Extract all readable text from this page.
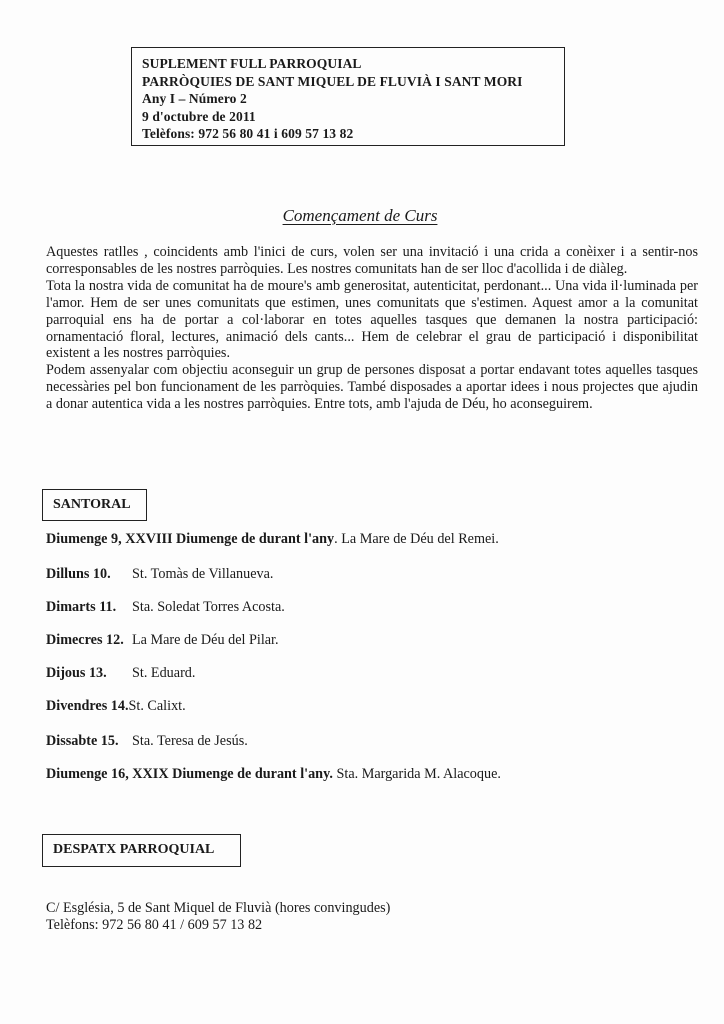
SUPLEMENT FULL PARROQUIAL
PARRÒQUIES DE SANT MIQUEL DE FLUVIÀ I SANT MORI
Any I – Número 2
9 d'octubre de 2011
Telèfons: 972 56 80 41 i 609 57 13 82
Començament de Curs

Aquestes ratlles , coincidents amb l'inici de curs, volen ser una invitació i una crida a conèixer i a sentir-nos corresponsables de les nostres parròquies. Les nostres comunitats han de ser lloc d'acollida i de diàleg.

Tota la nostra vida de comunitat ha de moure's amb generositat, autenticitat, perdonant... Una vida il·luminada per l'amor. Hem de ser unes comunitats que estimen, unes comunitats que s'estimen. Aquest amor a la comunitat parroquial ens ha de portar a col·laborar en totes aquelles tasques que demanen la nostra participació: ornamentació floral, lectures, animació dels cants... Hem de celebrar el grau de participació i disponibilitat existent a les nostres parròquies.

Podem assenyalar com objectiu aconseguir un grup de persones disposat a portar endavant totes aquelles tasques necessàries pel bon funcionament de les parròquies. També disposades a aportar idees i nous projectes que ajudin a donar autentica vida a les nostres parròquies. Entre tots, amb l'ajuda de Déu, ho aconseguirem.

SANTORAL
Diumenge 9, XXVIII Diumenge de durant l'any. La Mare de Déu del Remei.
Dilluns 10. St. Tomàs de Villanueva.
Dimarts 11. Sta. Soledat Torres Acosta.
Dimecres 12. La Mare de Déu del Pilar.
Dijous 13. St. Eduard.
Divendres 14.St. Calixt.
Dissabte 15. Sta. Teresa de Jesús.
Diumenge 16, XXIX Diumenge de durant l'any. Sta. Margarida M. Alacoque.
DESPATX PARROQUIAL
C/ Església, 5 de Sant Miquel de Fluvià (hores convingudes)
Telèfons: 972 56 80 41 / 609 57 13 82
